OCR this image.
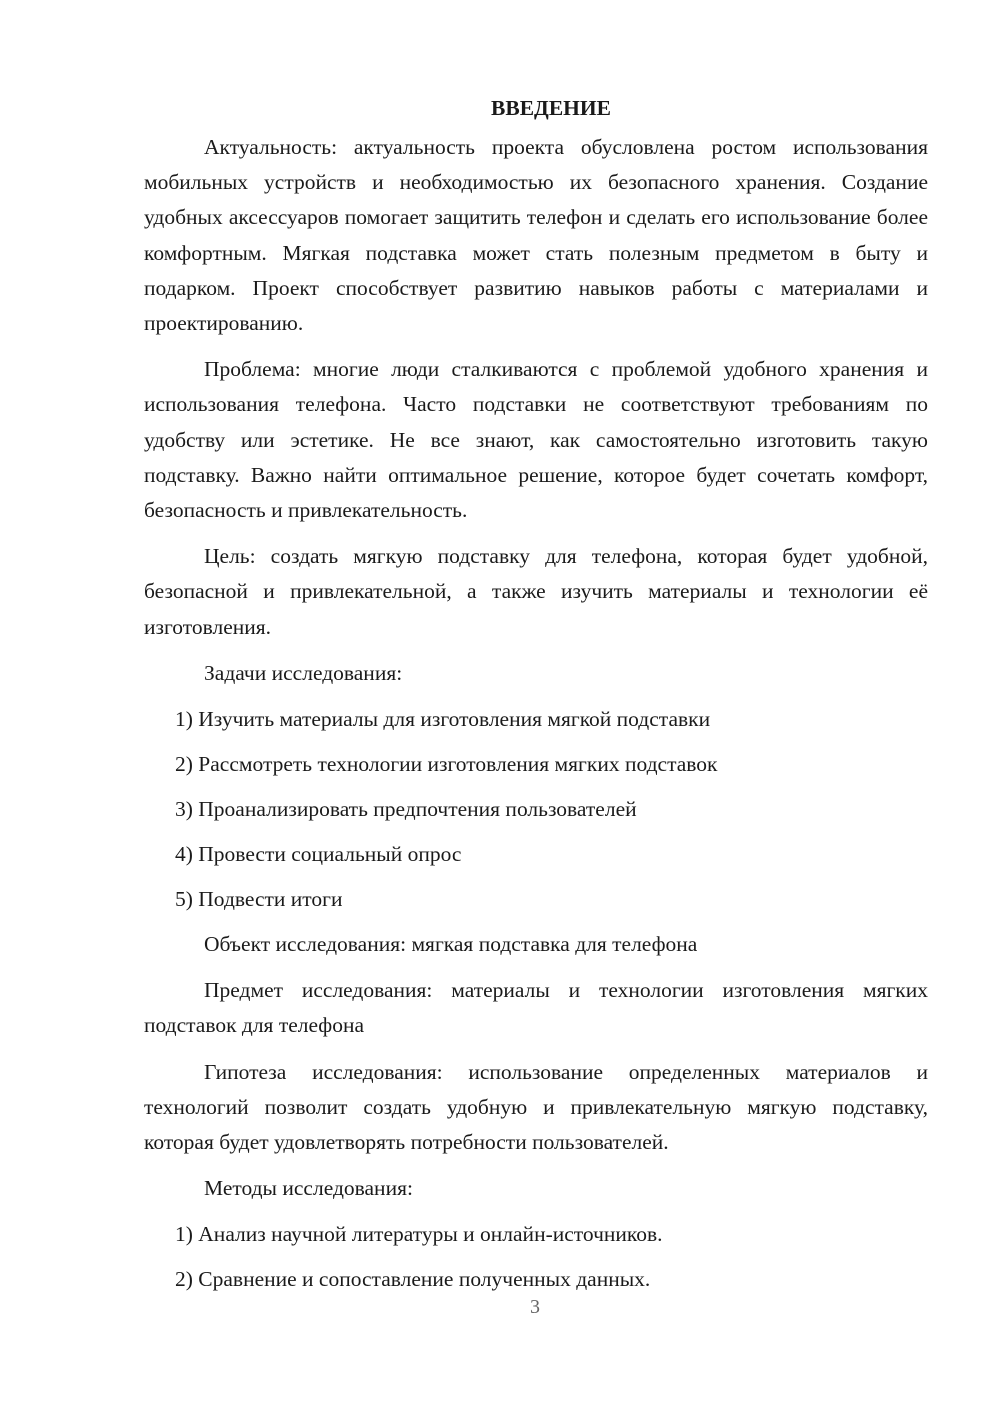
ВВЕДЕНИЕ

Актуальность: актуальность проекта обусловлена ростом использования мобильных устройств и необходимостью их безопасного хранения. Создание удобных аксессуаров помогает защитить телефон и сделать его использование более комфортным. Мягкая подставка может стать полезным предметом в быту и подарком. Проект способствует развитию навыков работы с материалами и проектированию.

Проблема: многие люди сталкиваются с проблемой удобного хранения и использования телефона. Часто подставки не соответствуют требованиям по удобству или эстетике. Не все знают, как самостоятельно изготовить такую подставку. Важно найти оптимальное решение, которое будет сочетать комфорт, безопасность и привлекательность.

Цель: создать мягкую подставку для телефона, которая будет удобной, безопасной и привлекательной, а также изучить материалы и технологии её изготовления.

Задачи исследования:

1) Изучить материалы для изготовления мягкой подставки
2) Рассмотреть технологии изготовления мягких подставок
3) Проанализировать предпочтения пользователей
4) Провести социальный опрос
5) Подвести итоги

Объект исследования: мягкая подставка для телефона

Предмет исследования: материалы и технологии изготовления мягких подставок для телефона

Гипотеза исследования: использование определенных материалов и технологий позволит создать удобную и привлекательную мягкую подставку, которая будет удовлетворять потребности пользователей.

Методы исследования:

1) Анализ научной литературы и онлайн-источников.
2) Сравнение и сопоставление полученных данных.
3
